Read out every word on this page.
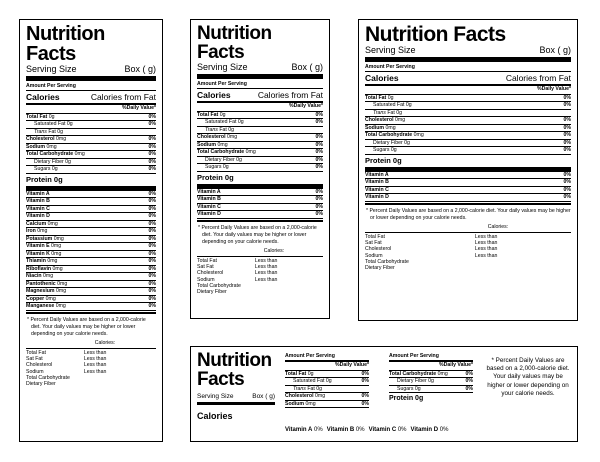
Nutrition Facts
Serving Size	Box ( g)
Amount Per Serving
Calories	Calories from Fat
%Daily Value*
Total Fat 0g	0%
Saturated Fat 0g	0%
Trans Fat 0g
Cholesterol 0mg	0%
Sodium 0mg	0%
Total Carbohydrate 0mg	0%
Dietary Fiber 0g	0%
Sugars 0g	0%
Protein 0g
Vitamin A	0%
Vitamin B	0%
Vitamin C	0%
Vitamin D	0%
Calcium 0mg	0%
Iron 0mg	0%
Potassium 0mg	0%
Vitamin E 0mg	0%
Vitamin K 0mg	0%
Thiamin 0mg	0%
Riboflavin 0mg	0%
Niacin 0mg	0%
Pantothenic 0mg	0%
Magnesium 0mg	0%
Copper 0mg	0%
Manganese 0mg	0%
* Percent Daily Values are based on a 2,000-calorie diet. Your daily values may be higher or lower depending on your calorie needs.
Calories:
Total Fat	Less than
Sat Fat	Less than
Cholesterol	Less than
Sodium	Less than
Total Carbohydrate
Dietary Fiber
Nutrition Facts
Serving Size	Box ( g)
Amount Per Serving
Calories	Calories from Fat
%Daily Value*
Total Fat 0g	0%
Saturated Fat 0g	0%
Trans Fat 0g
Cholesterol 0mg	0%
Sodium 0mg	0%
Total Carbohydrate 0mg	0%
Dietary Fiber 0g	0%
Sugars 0g	0%
Protein 0g
Vitamin A	0%
Vitamin B	0%
Vitamin C	0%
Vitamin D	0%
* Percent Daily Values are based on a 2,000-calorie diet. Your daily values may be higher or lower depending on your calorie needs.
Calories:
Total Fat	Less than
Sat Fat	Less than
Cholesterol	Less than
Sodium	Less than
Total Carbohydrate
Dietary Fiber
Nutrition Facts
Serving Size	Box ( g)
Amount Per Serving
Calories	Calories from Fat
%Daily Value*
Total Fat 0g	0%
Saturated Fat 0g	0%
Trans Fat 0g
Cholesterol 0mg	0%
Sodium 0mg	0%
Total Carbohydrate 0mg	0%
Dietary Fiber 0g	0%
Sugars 0g	0%
Protein 0g
Vitamin A	0%
Vitamin B	0%
Vitamin C	0%
Vitamin D	0%
* Percent Daily Values are based on a 2,000-calorie diet. Your daily values may be higher or lower depending on your calorie needs.
Calories:
Total Fat	Less than
Sat Fat	Less than
Cholesterol	Less than
Sodium	Less than
Total Carbohydrate
Dietary Fiber
Nutrition
Facts
Serving Size	Box ( g)
Calories
Amount Per Serving
%Daily Value*
Total Fat 0g	0%
Saturated Fat 0g	0%
Trans Fat 0g
Cholesterol 0mg	0%
Sodium 0mg	0%
Amount Per Serving
%Daily Value*
Total Carbohydrate 0mg	0%
Dietary Fiber 0g	0%
Sugars 0g	0%
Protein 0g
Vitamin A 0% Vitamin B 0% Vitamin C 0% Vitamin D 0%
* Percent Daily Values are based on a 2,000-calorie diet. Your daily values may be higher or lower depending on your calorie needs.
